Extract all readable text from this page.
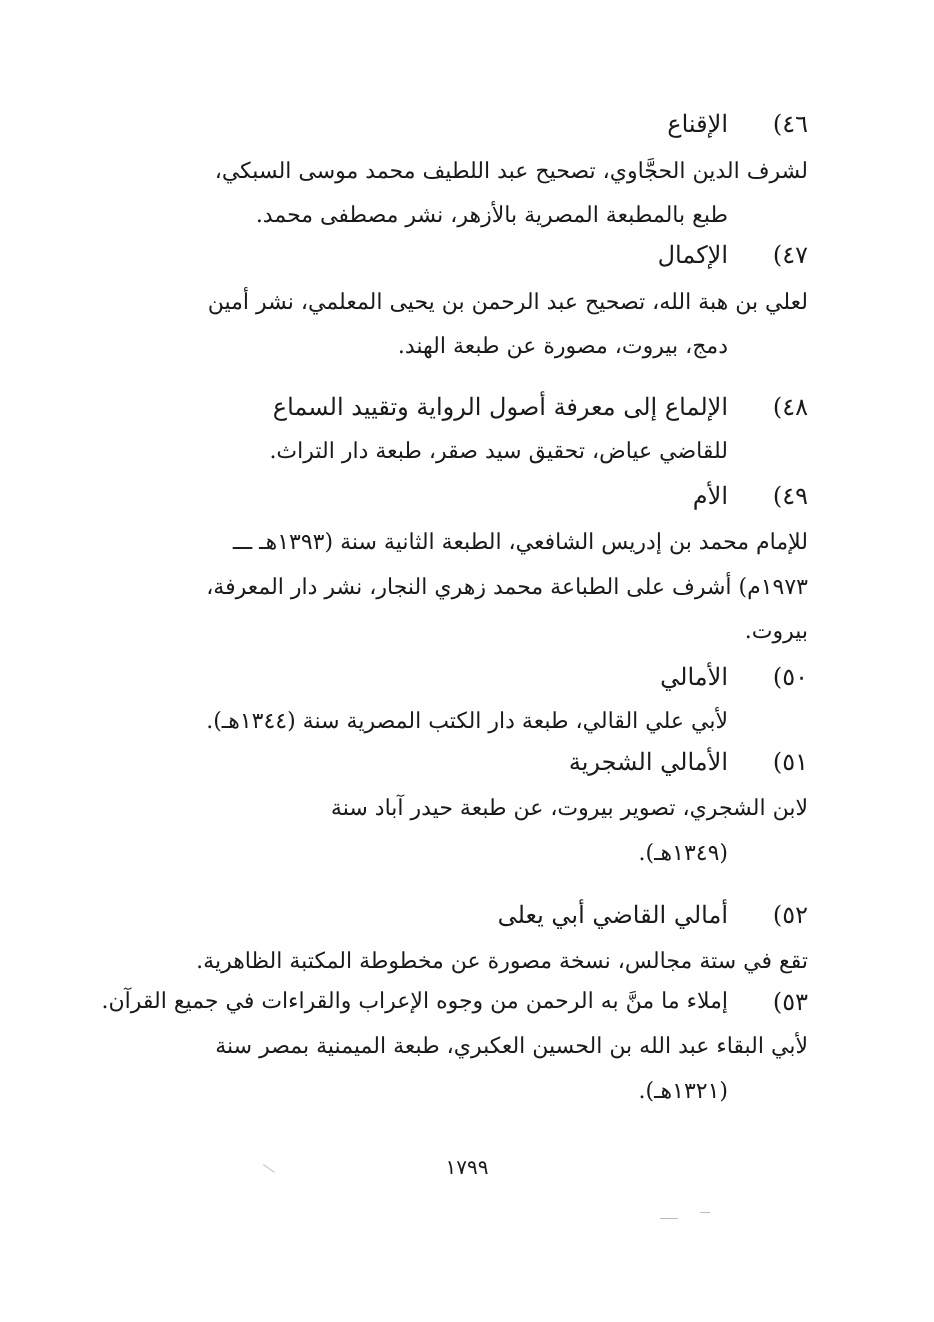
٤٦)
الإقناع
لشرف الدين الحجَّاوي، تصحيح عبد اللطيف محمد موسى السبكي،
طبع بالمطبعة المصرية بالأزهر، نشر مصطفى محمد.
٤٧)
الإكمال
لعلي بن هبة الله، تصحيح عبد الرحمن بن يحيى المعلمي، نشر أمين
دمج، بيروت، مصورة عن طبعة الهند.
٤٨)
الإلماع إلى معرفة أصول الرواية وتقييد السماع
للقاضي عياض، تحقيق سيد صقر، طبعة دار التراث.
٤٩)
الأم
للإمام محمد بن إدريس الشافعي، الطبعة الثانية سنة (١٣٩٣هـ ـــ
١٩٧٣م) أشرف على الطباعة محمد زهري النجار، نشر دار المعرفة،
بيروت.
٥٠)
الأمالي
لأبي علي القالي، طبعة دار الكتب المصرية سنة (١٣٤٤هـ).
٥١)
الأمالي الشجرية
لابن الشجري، تصوير بيروت، عن طبعة حيدر آباد سنة
(١٣٤٩هـ).
٥٢)
أمالي القاضي أبي يعلى
تقع في ستة مجالس، نسخة مصورة عن مخطوطة المكتبة الظاهرية.
٥٣)
إملاء ما منَّ به الرحمن من وجوه الإعراب والقراءات في جميع القرآن.
لأبي البقاء عبد الله بن الحسين العكبري، طبعة الميمنية بمصر سنة
(١٣٢١هـ).
١٧٩٩
